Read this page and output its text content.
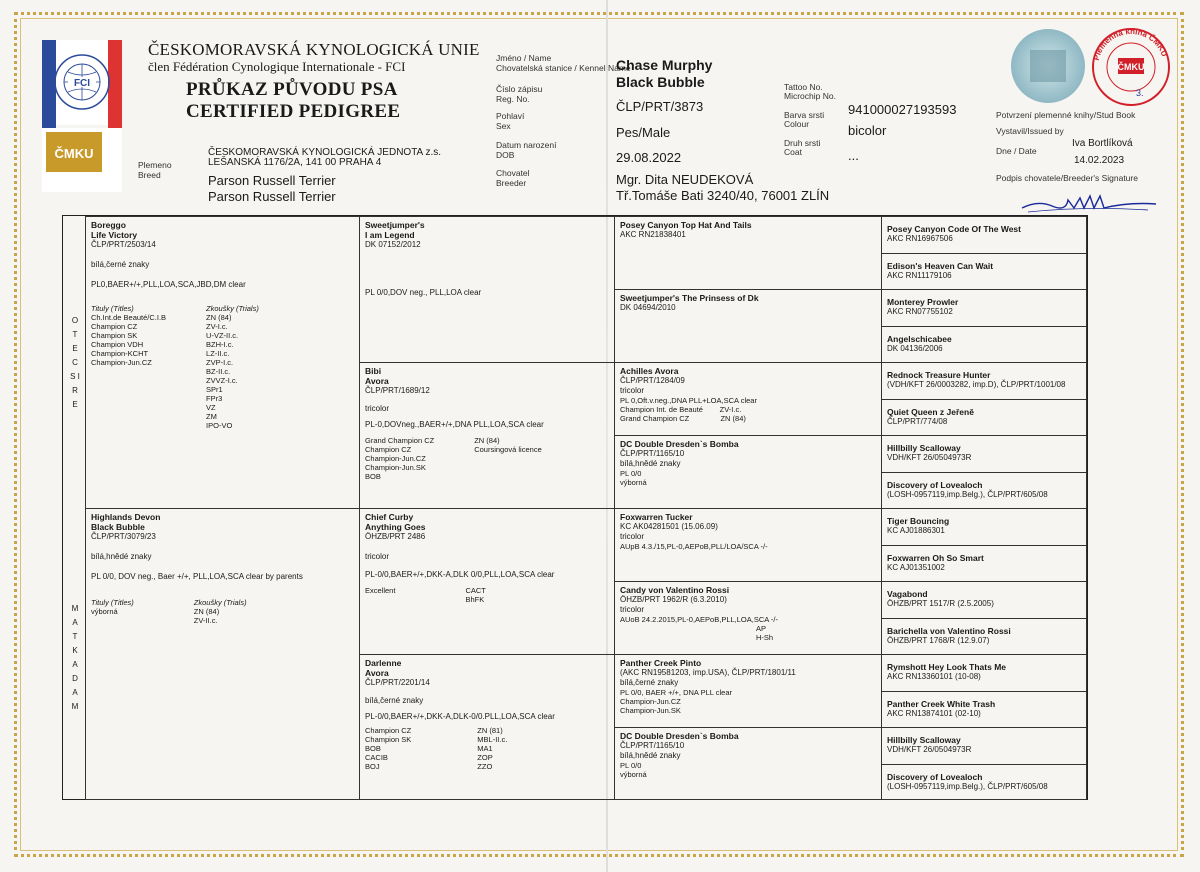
FCI
ČMKU
ČESKOMORAVSKÁ KYNOLOGICKÁ UNIE
člen Fédération Cynologique Internationale - FCI
PRŮKAZ PŮVODU PSA
CERTIFIED PEDIGREE
ČESKOMORAVSKÁ KYNOLOGICKÁ JEDNOTA z.s.
LEŠANSKÁ 1176/2A, 141 00 PRAHA 4
Plemeno
Breed	Parson Russell Terrier
Parson Russell Terrier
Jméno / Name
Chovatelská stanice / Kennel Name
Číslo zápisu
Reg. No.
Pohlaví
Sex
Datum narození
DOB
Chovatel
Breeder
Chase Murphy
Black Bubble
ČLP/PRT/3873
Pes/Male
29.08.2022
Mgr. Dita NEUDEKOVÁ
Tř.Tomáše Bati 3240/40, 76001 ZLÍN
Tattoo No.
Microchip No.
Barva srsti
Colour
Druh srsti
Coat
941000027193593
bicolor
...
Plemenná kniha ČMKU
ČMKU
3.
Potvrzení plemenné knihy/Stud Book
Vystavil/Issued by
Dne / Date
Iva Bortlíková
14.02.2023
Podpis chovatele/Breeder's Signature
O T E C S I R E
M A T K A D A M
Boreggo
Life Victory
ČLP/PRT/2503/14
bílá,černé znaky
PL0,BAER+/+,PLL,LOA,SCA,JBD,DM clear
Tituly (Titles)
Ch.Int.de Beauté/C.I.B
Champion CZ
Champion SK
Champion VDH
Champion-KCHT
Champion-Jun.CZ
Zkoušky (Trials)
ZN (84)
ZV-I.c.
U-VZ-II.c.
BZH-I.c.
LZ-II.c.
ZVP-I.c.
BZ-II.c.
ZVVZ-I.c.
SPr1
FPr3
VZ
ZM
IPO-VO
Highlands Devon
Black Bubble
ČLP/PRT/3079/23
bílá,hnědé znaky
PL 0/0, DOV neg., Baer +/+, PLL,LOA,SCA clear by parents
Tituly (Titles)
výborná
Zkoušky (Trials)
ZN (84)
ZV-II.c.
Sweetjumper's
I am Legend
DK 07152/2012
PL 0/0,DOV neg., PLL,LOA clear
Bibi
Avora
ČLP/PRT/1689/12
tricolor
PL-0,DOVneg.,BAER+/+,DNA PLL,LOA,SCA clear
Grand Champion CZ
Champion CZ
Champion-Jun.CZ
Champion-Jun.SK
BOB
ZN (84)
Coursingová licence
Chief Curby
Anything Goes
ÖHZB/PRT 2486
tricolor
PL-0/0,BAER+/+,DKK-A,DLK 0/0,PLL,LOA,SCA clear
Excellent	CACT
BhFK
Darlenne
Avora
ČLP/PRT/2201/14
bílá,černé znaky
PL-0/0,BAER+/+,DKK-A,DLK-0/0.PLL,LOA,SCA clear
Champion CZ
Champion SK
BOB
CACIB
BOJ
ZN (81)
MBL-II.c.
MA1
ZOP
ZZO
Posey Canyon Top Hat And Tails
AKC RN21838401
Sweetjumper's The Prinsess of Dk
DK 04694/2010
Achilles Avora
ČLP/PRT/1284/09
tricolor
PL 0,Oft.v.neg.,DNA PLL+LOA,SCA clear
Champion Int. de Beauté        ZV-I.c.
Grand Champion CZ               ZN (84)
DC Double Dresden`s Bomba
ČLP/PRT/1165/10
bílá,hnědé znaky
PL 0/0
výborná
Foxwarren Tucker
KC AK04281501 (15.06.09)
tricolor
AUpB 4.3./15,PL-0,AEPoB,PLL/LOA/SCA -/-
Candy von Valentino Rossi
ÖHZB/PRT 1962/R (6.3.2010)
tricolor
AUoB 24.2.2015,PL-0,AEPoB,PLL,LOA,SCA -/-
AP
H-Sh
Panther Creek Pinto
(AKC RN19581203, imp.USA), ČLP/PRT/1801/11
bílá,černé znaky
PL 0/0, BAER +/+, DNA PLL clear
Champion-Jun.CZ
Champion-Jun.SK
DC Double Dresden`s Bomba
ČLP/PRT/1165/10
bílá,hnědé znaky
PL 0/0
výborná
Posey Canyon Code Of The West
AKC RN16967506
Edison's Heaven Can Wait
AKC RN11179106
Monterey Prowler
AKC RN07755102
Angelschicabee
DK 04136/2006
Rednock Treasure Hunter
(VDH/KFT 26/0003282, imp.D), ČLP/PRT/1001/08
Quiet Queen z Jeřeně
ČLP/PRT/774/08
Hillbilly Scalloway
VDH/KFT 26/0504973R
Discovery of Lovealoch
(LOSH-0957119,imp.Belg.), ČLP/PRT/605/08
Tiger Bouncing
KC AJ01886301
Foxwarren Oh So Smart
KC AJ01351002
Vagabond
ÖHZB/PRT 1517/R (2.5.2005)
Barichella von Valentino Rossi
ÖHZB/PRT 1768/R (12.9.07)
Rymshott Hey Look Thats Me
AKC RN13360101 (10-08)
Panther Creek White Trash
AKC RN13874101 (02-10)
Hillbilly Scalloway
VDH/KFT 26/0504973R
Discovery of Lovealoch
(LOSH-0957119,imp.Belg.), ČLP/PRT/605/08
